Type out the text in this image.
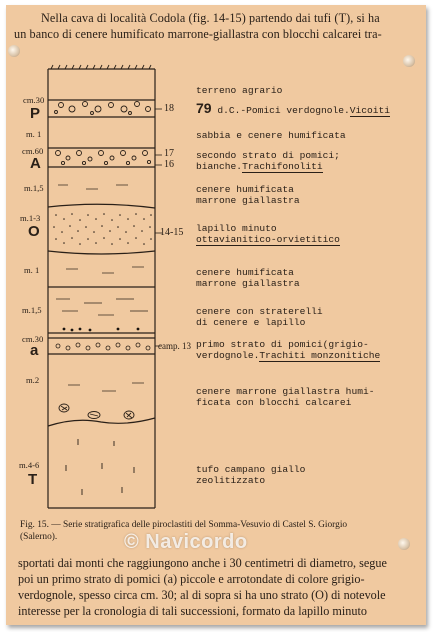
Nella cava di località Codola (fig. 14-15) partendo dai tufi (T), si ha
un banco di cenere humificato marrone-giallastra con blocchi calcarei tra-
cm.30
P
m. 1
cm.60
A
m.1,5
m.1-3
O
m. 1
m.1,5
cm.30
a
m.2
m.4-6
T
18
17
16
14-15
camp. 13
terreno agrario
79 d.C.-Pomici verdognole.Vicoiti
sabbia e cenere humificata
secondo strato di pomici;
bianche.Trachifonoliti
cenere humificata
marrone giallastra
lapillo minuto
ottavianitico-orvietitico
cenere humificata
marrone giallastra
cenere con straterelli
di cenere e lapillo
primo strato di pomici(grigio-
verdognole.Trachiti monzonitiche
cenere marrone giallastra humi-
ficata con blocchi calcarei
tufo campano giallo
zeolitizzato
Fig. 15. — Serie stratigrafica delle piroclastiti del Somma-Vesuvio di Castel S. Giorgio
(Salerno).	© Navicordo
sportati dai monti che raggiungono anche i 30 centimetri di diametro, segue
poi un primo strato di pomici (a) piccole e arrotondate di colore grigio-
verdognole, spesso circa cm. 30; al di sopra si ha uno strato (O) di notevole
interesse per la cronologia di tali successioni, formato da lapillo minuto
